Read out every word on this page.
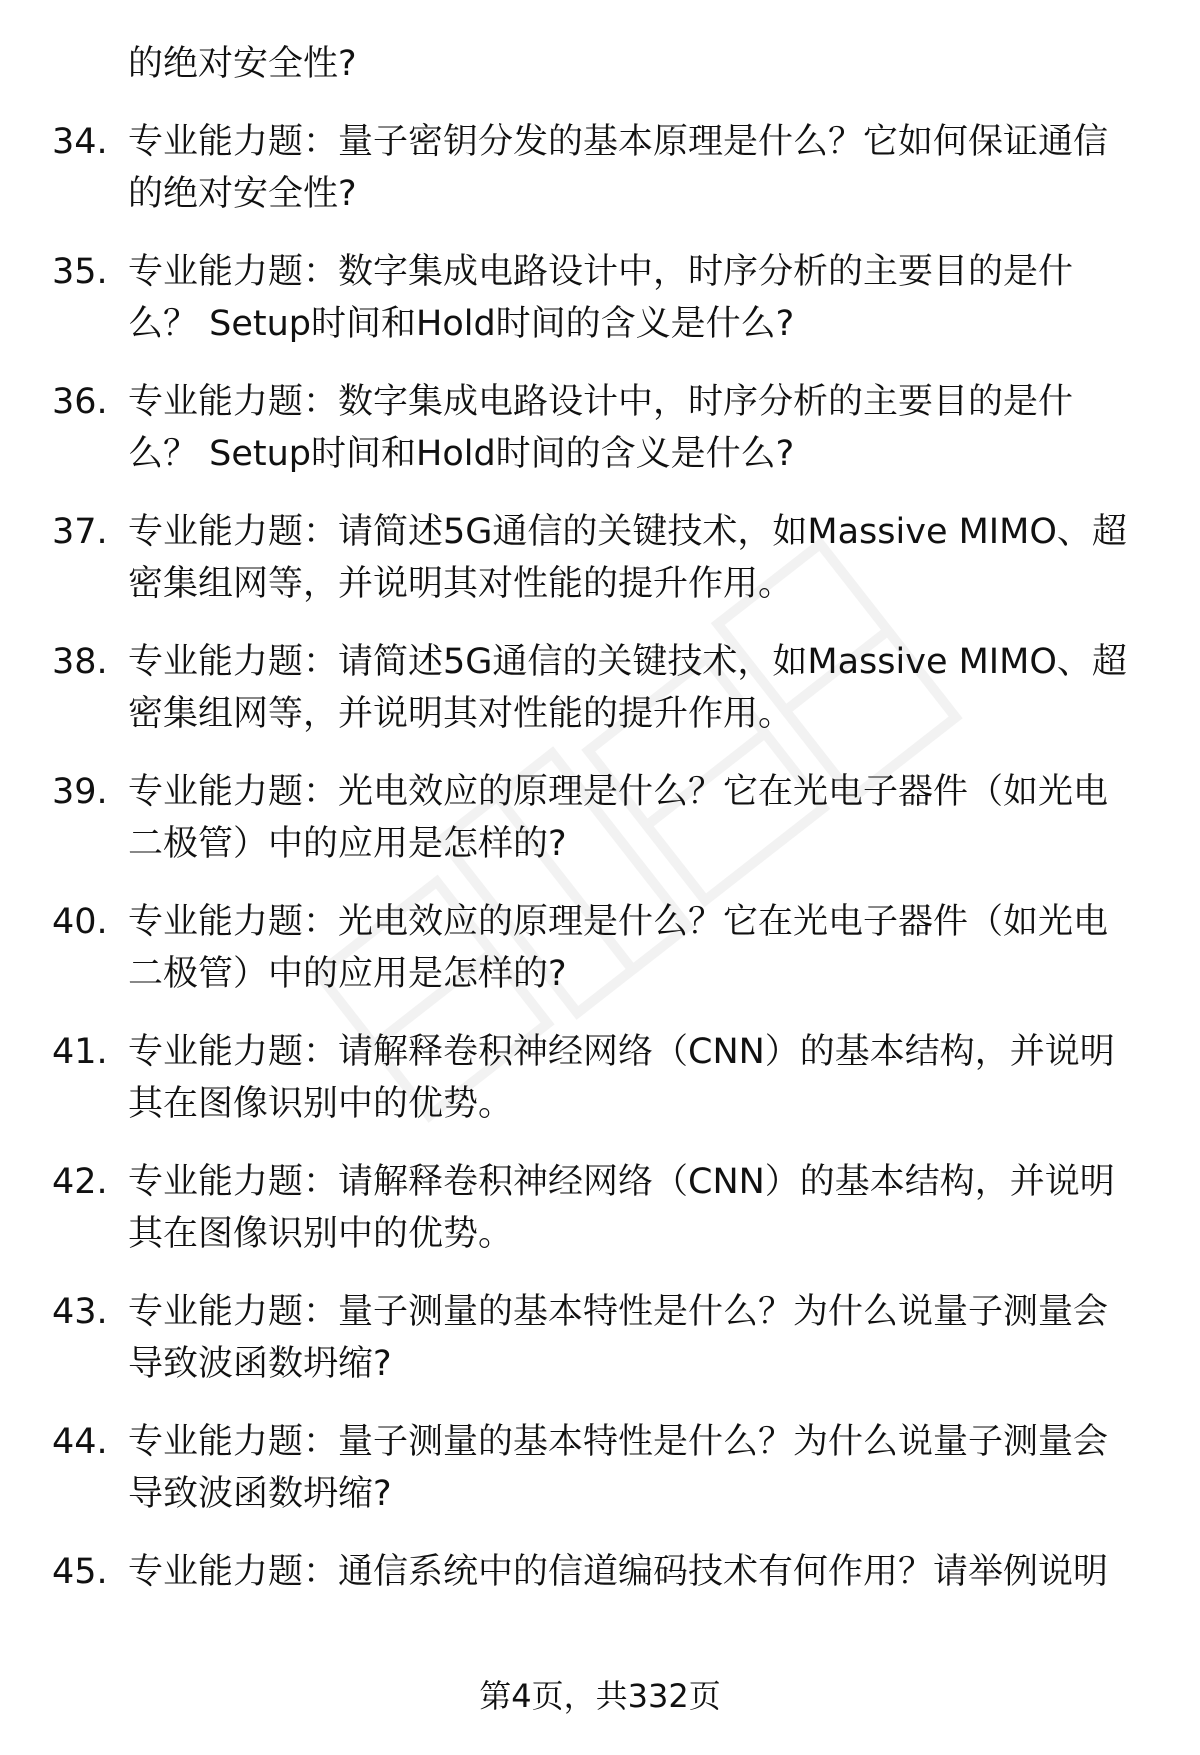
的绝对安全性?
34. 专业能力题：量子密钥分发的基本原理是什么？它如何保证通信
的绝对安全性?
35. 专业能力题：数字集成电路设计中，时序分析的主要目的是什
么？ Setup时间和Hold时间的含义是什么?
36. 专业能力题：数字集成电路设计中，时序分析的主要目的是什
么？ Setup时间和Hold时间的含义是什么?
37. 专业能力题：请简述5G通信的关键技术，如Massive MIMO、超
密集组网等，并说明其对性能的提升作用。
38. 专业能力题：请简述5G通信的关键技术，如Massive MIMO、超
密集组网等，并说明其对性能的提升作用。
39. 专业能力题：光电效应的原理是什么？它在光电子器件（如光电
二极管）中的应用是怎样的?
40. 专业能力题：光电效应的原理是什么？它在光电子器件（如光电
二极管）中的应用是怎样的?
41. 专业能力题：请解释卷积神经网络（CNN）的基本结构，并说明
其在图像识别中的优势。
42. 专业能力题：请解释卷积神经网络（CNN）的基本结构，并说明
其在图像识别中的优势。
43. 专业能力题：量子测量的基本特性是什么？为什么说量子测量会
导致波函数坍缩?
44. 专业能力题：量子测量的基本特性是什么？为什么说量子测量会
导致波函数坍缩?
45. 专业能力题：通信系统中的信道编码技术有何作用？请举例说明
第4页，共332页
